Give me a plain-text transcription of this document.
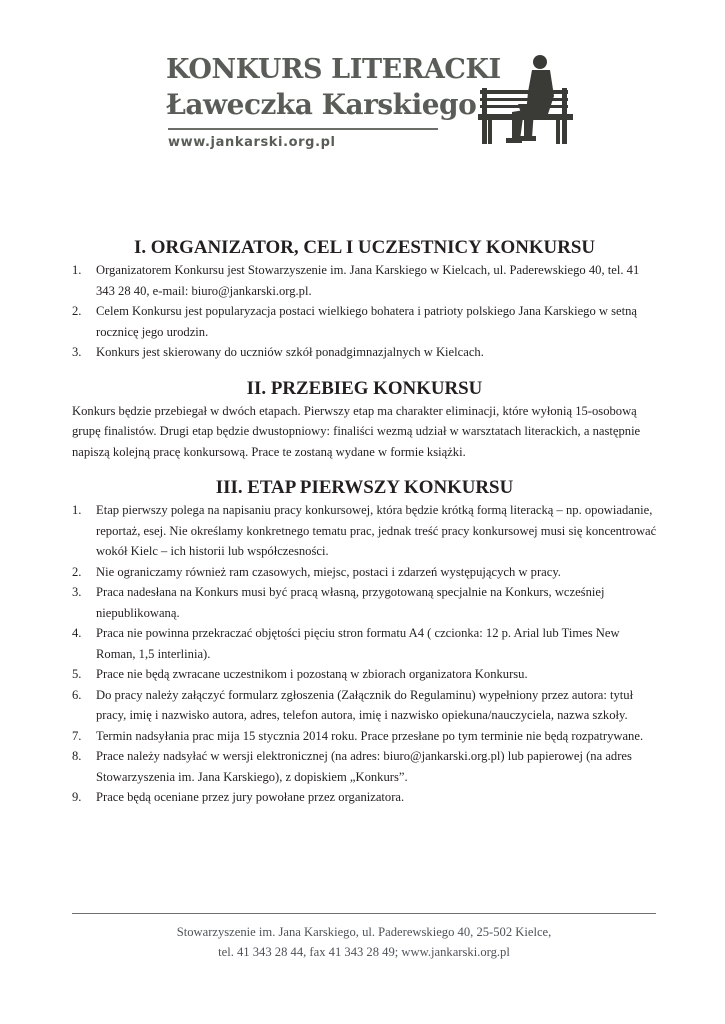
KONKURS LITERACKI
Ławeczka Karskiego
www.jankarski.org.pl
I. ORGANIZATOR, CEL I UCZESTNICY KONKURSU
1.	Organizatorem Konkursu jest Stowarzyszenie im. Jana Karskiego w Kielcach, ul. Paderewskiego 40, tel. 41 343 28 40, e-mail: biuro@jankarski.org.pl.
2.	Celem Konkursu jest popularyzacja postaci wielkiego bohatera i patrioty polskiego Jana Karskiego w setną rocznicę jego urodzin.
3.	Konkurs jest skierowany do uczniów szkół ponadgimnazjalnych w Kielcach.
II. PRZEBIEG KONKURSU

Konkurs będzie przebiegał w dwóch etapach. Pierwszy etap ma charakter eliminacji, które wyłonią 15-osobową grupę finalistów. Drugi etap będzie dwustopniowy: finaliści wezmą udział w warsztatach literackich, a następnie napiszą kolejną pracę konkursową. Prace te zostaną wydane w formie książki.

III. ETAP PIERWSZY KONKURSU
1.	Etap pierwszy polega na napisaniu pracy konkursowej, która będzie krótką formą literacką – np. opowiadanie, reportaż, esej. Nie określamy konkretnego tematu prac, jednak treść pracy konkursowej musi się koncentrować wokół Kielc – ich historii lub współczesności.
2.	Nie ograniczamy również ram czasowych, miejsc, postaci i zdarzeń występujących w pracy.
3.	Praca nadesłana na Konkurs musi być pracą własną, przygotowaną specjalnie na Konkurs, wcześniej niepublikowaną.
4.	Praca nie powinna przekraczać objętości pięciu stron formatu A4 ( czcionka: 12 p. Arial lub Times New Roman, 1,5 interlinia).
5.	Prace nie będą zwracane uczestnikom i pozostaną w zbiorach organizatora Konkursu.
6.	Do pracy należy załączyć formularz zgłoszenia (Załącznik do Regulaminu) wypełniony przez autora: tytuł pracy, imię i nazwisko autora, adres, telefon autora, imię i nazwisko opiekuna/nauczyciela, nazwa szkoły.
7.	Termin nadsyłania prac mija 15 stycznia 2014 roku. Prace przesłane po tym terminie nie będą rozpatrywane.
8.	Prace należy nadsyłać w wersji elektronicznej (na adres: biuro@jankarski.org.pl) lub papierowej (na adres Stowarzyszenia im. Jana Karskiego), z dopiskiem „Konkurs”.
9.	Prace będą oceniane przez jury powołane przez organizatora.
Stowarzyszenie im. Jana Karskiego, ul. Paderewskiego 40, 25-502 Kielce,
tel. 41 343 28 44, fax 41 343 28 49; www.jankarski.org.pl
